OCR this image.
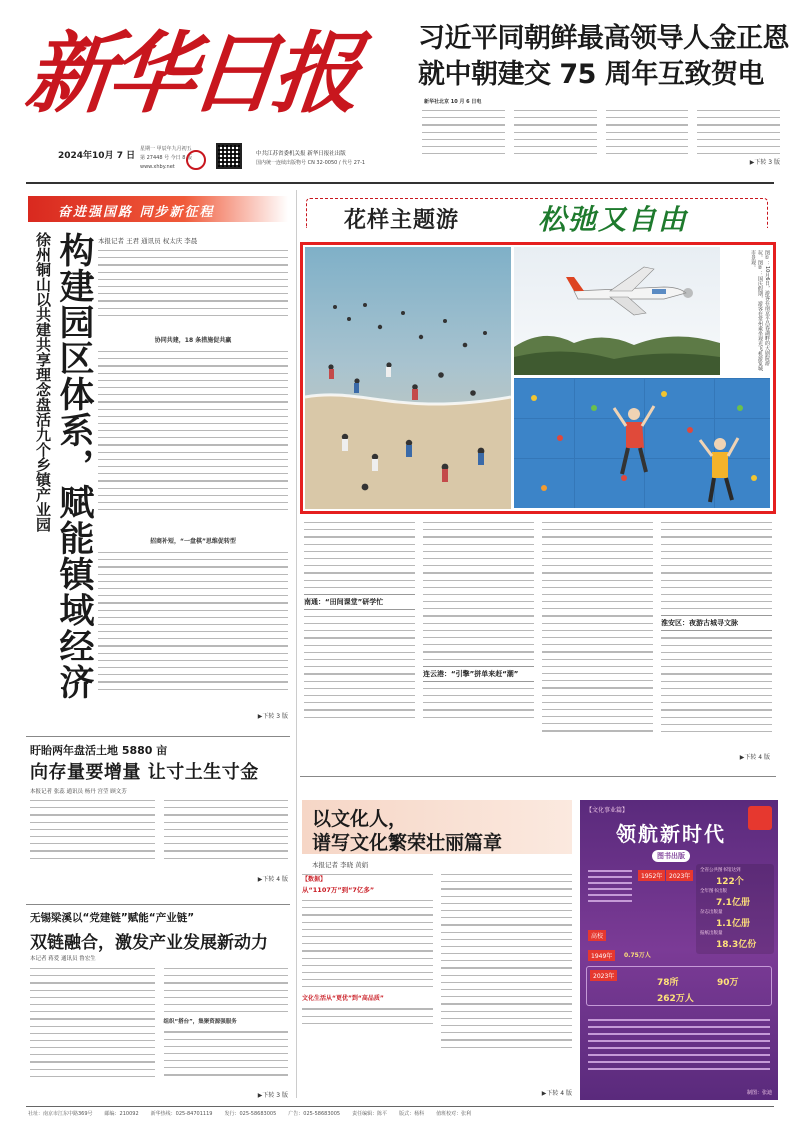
新华日报
2024年10月 7 日
星期一 甲辰年九月初五
第 27448 号 今日 8 版
www.xhby.net
中共江苏省委机关报 新华日报社出版
国内统一连续出版物号 CN 32-0050 / 代号 27-1
习近平同朝鲜最高领导人金正恩
就中朝建交 75 周年互致贺电
新华社北京 10 月 6 日电
▶下转 3 版
奋进强国路 同步新征程
徐州铜山以共建共享理念盘活九个乡镇产业园 构建园区体系，赋能镇域经济 本报记者 王君 通讯员 权太庆 李晨
协同共建，18 条措施促共赢
招商补短，“一盘棋”思维促转型
▶下转 3 版
盱眙两年盘活土地 5880 亩
向存量要增量 让寸土生寸金
本报记者 张蕊 通讯员 杨丹 宫莹 顾文芳
▶下转 4 版
无锡梁溪以“党建链”赋能“产业链”
双链融合，激发产业发展新动力
本记者 蒋爱 通讯员 鲁宏生
组织“搭台”，集聚资源强服务
▶下转 3 版
花样主题游	松弛又自由
图①：10月6日，游客在南京平昌春湖畔的大剧院游玩。图②：国庆假期，游客在常州乘坐观光飞机游览城市景观。
南通：“田间课堂”研学忙
连云港：“引擎”拼单来赶“潮”
淮安区：夜游古城寻文脉
▶下转 4 版
以文化人，
谱写文化繁荣壮丽篇章
本报记者 李晓 黄娟
【数据】
从“1107万”到“7亿多”
文化生活从“更优”到“高品质”
▶下转 4 版
【文化事业篇】
领航新时代
图书出版
1952年	2023年
全省公共图书馆达到
122个
全年图书出版
7.1亿册
杂志出版量
1.1亿册
报纸出版量
18.3亿份
高校
1949年	0.75万人
2023年
78所	90万
262万人
制图：张迪
社址：南京市江东中路369号 邮编：210092 新华热线：025-84701119 发行：025-58683005 广告：025-58683005 责任编辑：陈平 版式：杨科 值班校对：张利
